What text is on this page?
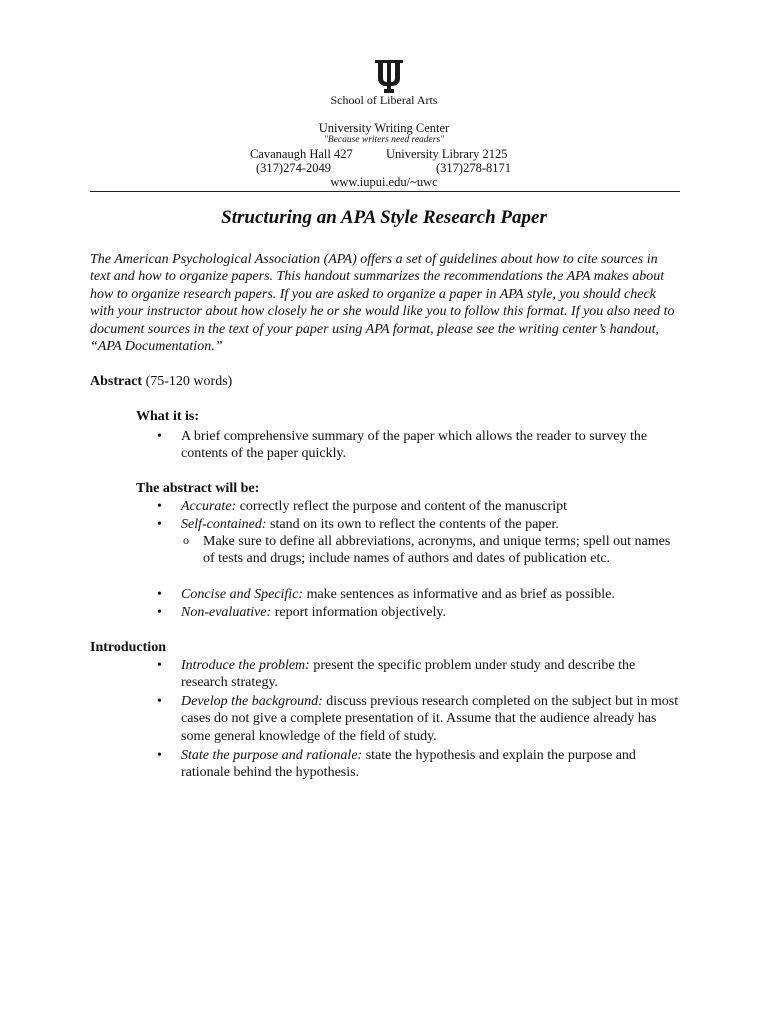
School of Liberal Arts
University Writing Center
"Because writers need readers"
Cavanaugh Hall 427	University Library 2125
(317)274-2049	(317)278-8171
www.iupui.edu/~uwc
Structuring an APA Style Research Paper
The American Psychological Association (APA) offers a set of guidelines about how to cite sources in text and how to organize papers. This handout summarizes the recommendations the APA makes about how to organize research papers. If you are asked to organize a paper in APA style, you should check with your instructor about how closely he or she would like you to follow this format. If you also need to document sources in the text of your paper using APA format, please see the writing center’s handout, “APA Documentation.”
Abstract (75-120 words)
What it is:
• A brief comprehensive summary of the paper which allows the reader to survey the contents of the paper quickly.
The abstract will be:
• Accurate: correctly reflect the purpose and content of the manuscript
• Self-contained: stand on its own to reflect the contents of the paper.
o Make sure to define all abbreviations, acronyms, and unique terms; spell out names of tests and drugs; include names of authors and dates of publication etc.
• Concise and Specific: make sentences as informative and as brief as possible.
• Non-evaluative: report information objectively.
Introduction
• Introduce the problem: present the specific problem under study and describe the research strategy.
• Develop the background: discuss previous research completed on the subject but in most cases do not give a complete presentation of it. Assume that the audience already has some general knowledge of the field of study.
• State the purpose and rationale: state the hypothesis and explain the purpose and rationale behind the hypothesis.
